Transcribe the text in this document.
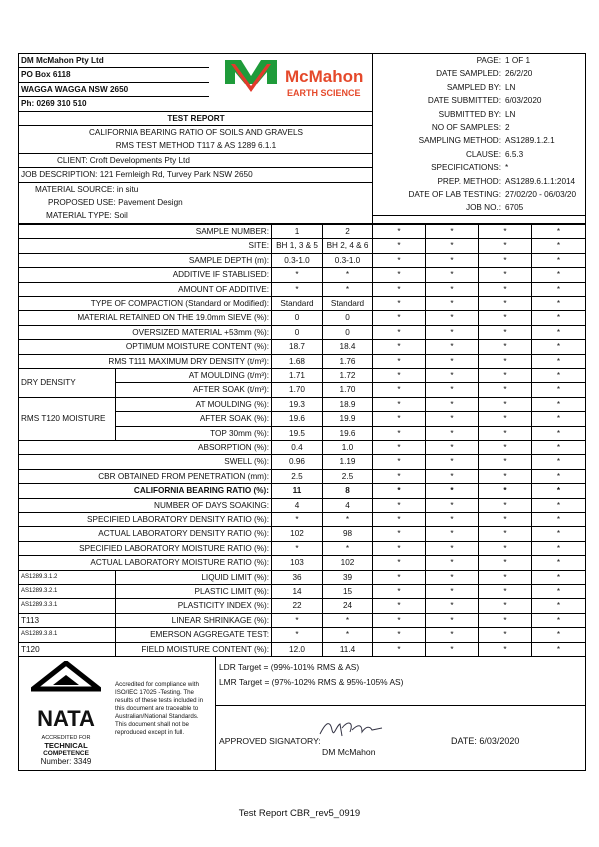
DM McMahon Pty Ltd	
McMahon
EARTH SCIENCE

PO Box 6118
WAGGA WAGGA NSW 2650
Ph: 0269 310 510
TEST REPORT
CALIFORNIA BEARING RATIO OF SOILS AND GRAVELS
RMS TEST METHOD T117 & AS 1289 6.1.1
CLIENT: Croft Developments Pty Ltd
JOB DESCRIPTION: 121 Fernleigh Rd, Turvey Park NSW 2650
MATERIAL SOURCE: in situ
PROPOSED USE: Pavement Design
MATERIAL TYPE: Soil

PAGE:	1 OF 1
DATE SAMPLED:	26/2/20
SAMPLED BY:	LN
DATE SUBMITTED:	6/03/2020
SUBMITTED BY:	LN
NO OF SAMPLES:	2
SAMPLING METHOD:	AS1289.1.2.1
CLAUSE:	6.5.3
SPECIFICATIONS:	*
PREP. METHOD:	AS1289.6.1.1:2014
DATE OF LAB TESTING:	27/02/20 - 06/03/20
JOB NO.:	6705
SAMPLE NUMBER:		1	2	*	*	*	*
SITE:		BH 1, 3 & 5	BH 2, 4 & 6	*	*	*	*
SAMPLE DEPTH (m):		0.3-1.0	0.3-1.0	*	*	*	*
ADDITIVE IF STABLISED:		*	*	*	*	*	*
AMOUNT OF ADDITIVE:		*	*	*	*	*	*
TYPE OF COMPACTION (Standard or Modified):		Standard	Standard	*	*	*	*
MATERIAL RETAINED ON THE 19.0mm SIEVE (%):		0	0	*	*	*	*
OVERSIZED MATERIAL +53mm (%):		0	0	*	*	*	*
OPTIMUM MOISTURE CONTENT (%):		18.7	18.4	*	*	*	*
RMS T111 MAXIMUM DRY DENSITY (t/m³):		1.68	1.76	*	*	*	*
DRY DENSITY	AT MOULDING (t/m³):	1.71	1.72	*	*	*	*
	AFTER SOAK (t/m³):	1.70	1.70	*	*	*	*
RMS T120 MOISTURE	AT MOULDING (%):	19.3	18.9	*	*	*	*
	AFTER SOAK (%):	19.6	19.9	*	*	*	*
	TOP 30mm (%):	19.5	19.6	*	*	*	*
ABSORPTION (%):		0.4	1.0	*	*	*	*
SWELL (%):		0.96	1.19	*	*	*	*
CBR OBTAINED FROM PENETRATION (mm):		2.5	2.5	*	*	*	*
CALIFORNIA BEARING RATIO (%):		11	8	*	*	*	*
NUMBER OF DAYS SOAKING:		4	4	*	*	*	*
SPECIFIED LABORATORY DENSITY RATIO (%):		*	*	*	*	*	*
ACTUAL LABORATORY DENSITY RATIO (%):		102	98	*	*	*	*
SPECIFIED LABORATORY MOISTURE RATIO (%):		*	*	*	*	*	*
ACTUAL LABORATORY MOISTURE RATIO (%):		103	102	*	*	*	*
AS1289.3.1.2	LIQUID LIMIT (%):	36	39	*	*	*	*
AS1289.3.2.1	PLASTIC LIMIT (%):	14	15	*	*	*	*
AS1289.3.3.1	PLASTICITY INDEX (%):	22	24	*	*	*	*
T113	LINEAR SHRINKAGE (%):	*	*	*	*	*	*
AS1289.3.8.1	EMERSON AGGREGATE TEST:	*	*	*	*	*	*
T120	FIELD MOISTURE CONTENT (%):	12.0	11.4	*	*	*	*
NATA
ACCREDITED FOR
TECHNICAL
COMPETENCE
Number: 3349
Accredited for compliance with ISO/IEC 17025 -Testing. The results of these tests included in this document are traceable to Australian/National Standards. This document shall not be reproduced except in full.

LDR Target = (99%-101% RMS & AS)
LMR Target = (97%-102% RMS & 95%-105% AS)

APPROVED SIGNATORY:
DM McMahon
DATE: 6/03/2020
Test Report CBR_rev5_0919
